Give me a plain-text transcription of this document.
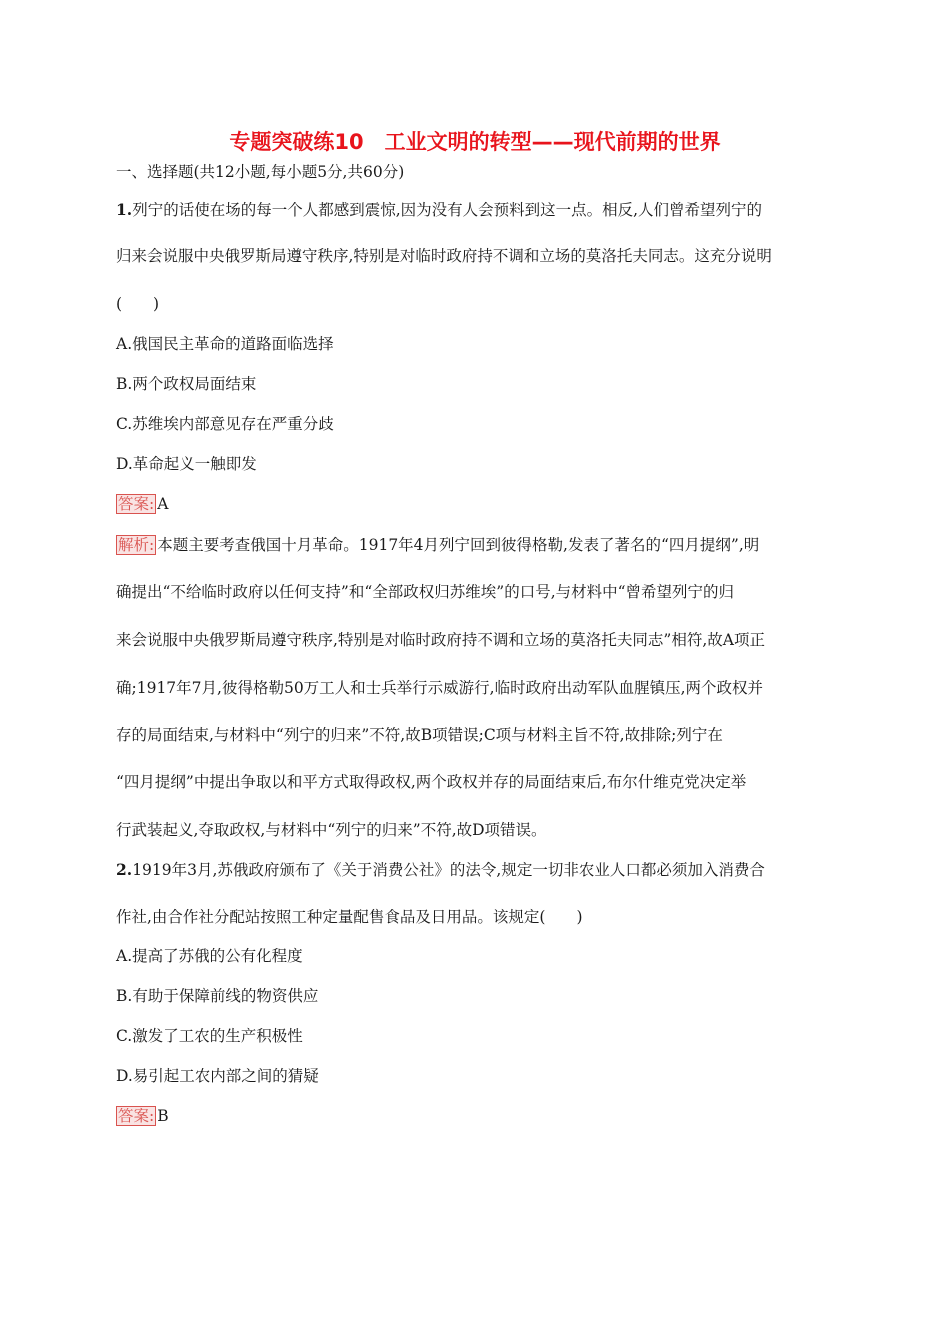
专题突破练10　工业文明的转型——现代前期的世界
一、选择题(共12小题,每小题5分,共60分)
1.列宁的话使在场的每一个人都感到震惊,因为没有人会预料到这一点。相反,人们曾希望列宁的
归来会说服中央俄罗斯局遵守秩序,特别是对临时政府持不调和立场的莫洛托夫同志。这充分说明
(　　)
A.俄国民主革命的道路面临选择
B.两个政权局面结束
C.苏维埃内部意见存在严重分歧
D.革命起义一触即发
答案: A
解析: 本题主要考查俄国十月革命。1917年4月列宁回到彼得格勒,发表了著名的“四月提纲”,明
确提出“不给临时政府以任何支持”和“全部政权归苏维埃”的口号,与材料中“曾希望列宁的归
来会说服中央俄罗斯局遵守秩序,特别是对临时政府持不调和立场的莫洛托夫同志”相符,故A项正
确;1917年7月,彼得格勒50万工人和士兵举行示威游行,临时政府出动军队血腥镇压,两个政权并
存的局面结束,与材料中“列宁的归来”不符,故B项错误;C项与材料主旨不符,故排除;列宁在
“四月提纲”中提出争取以和平方式取得政权,两个政权并存的局面结束后,布尔什维克党决定举
行武装起义,夺取政权,与材料中“列宁的归来”不符,故D项错误。
2.1919年3月,苏俄政府颁布了《关于消费公社》的法令,规定一切非农业人口都必须加入消费合
作社,由合作社分配站按照工种定量配售食品及日用品。该规定(　　)
A.提高了苏俄的公有化程度
B.有助于保障前线的物资供应
C.激发了工农的生产积极性
D.易引起工农内部之间的猜疑
答案: B
